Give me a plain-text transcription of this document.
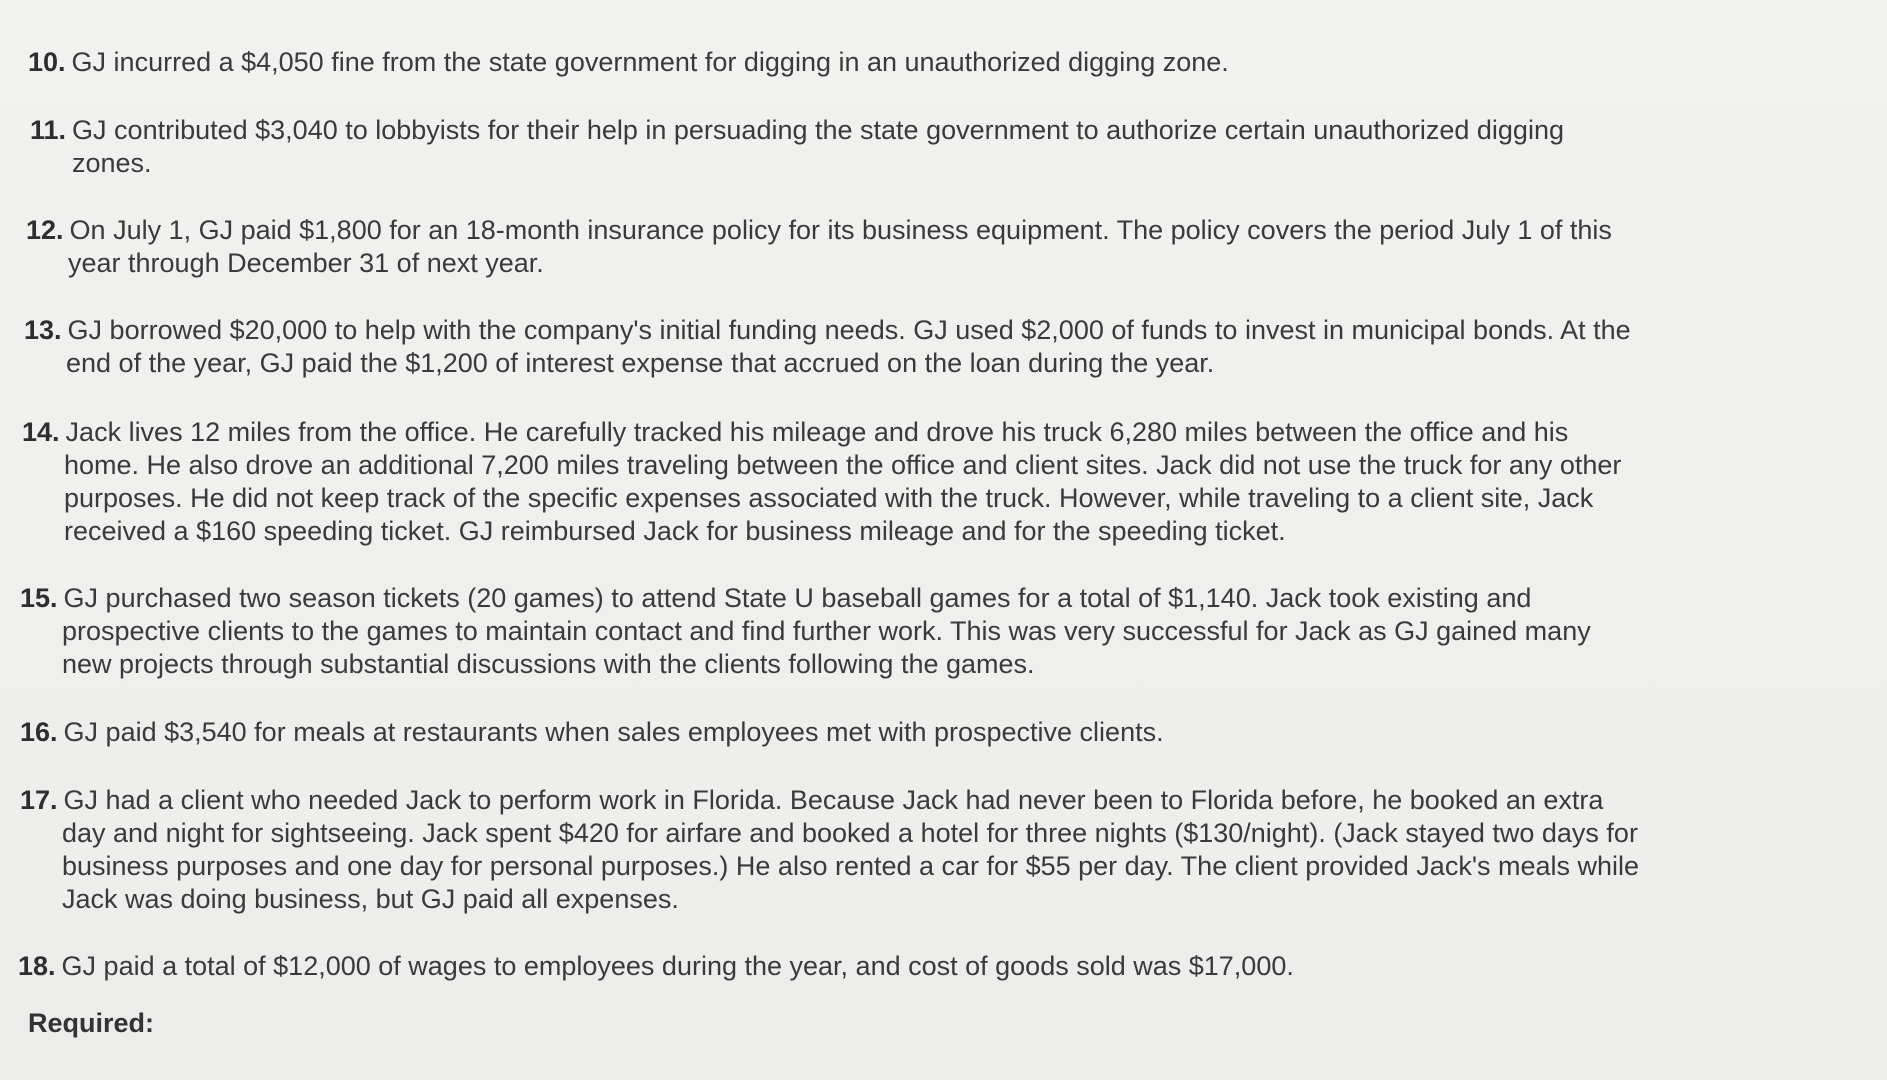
10. GJ incurred a $4,050 fine from the state government for digging in an unauthorized digging zone.
11. GJ contributed $3,040 to lobbyists for their help in persuading the state government to authorize certain unauthorized digging
zones.
12. On July 1, GJ paid $1,800 for an 18-month insurance policy for its business equipment. The policy covers the period July 1 of this
year through December 31 of next year.
13. GJ borrowed $20,000 to help with the company's initial funding needs. GJ used $2,000 of funds to invest in municipal bonds. At the
end of the year, GJ paid the $1,200 of interest expense that accrued on the loan during the year.
14. Jack lives 12 miles from the office. He carefully tracked his mileage and drove his truck 6,280 miles between the office and his
home. He also drove an additional 7,200 miles traveling between the office and client sites. Jack did not use the truck for any other
purposes. He did not keep track of the specific expenses associated with the truck. However, while traveling to a client site, Jack
received a $160 speeding ticket. GJ reimbursed Jack for business mileage and for the speeding ticket.
15. GJ purchased two season tickets (20 games) to attend State U baseball games for a total of $1,140. Jack took existing and
prospective clients to the games to maintain contact and find further work. This was very successful for Jack as GJ gained many
new projects through substantial discussions with the clients following the games.
16. GJ paid $3,540 for meals at restaurants when sales employees met with prospective clients.
17. GJ had a client who needed Jack to perform work in Florida. Because Jack had never been to Florida before, he booked an extra
day and night for sightseeing. Jack spent $420 for airfare and booked a hotel for three nights ($130/night). (Jack stayed two days for
business purposes and one day for personal purposes.) He also rented a car for $55 per day. The client provided Jack's meals while
Jack was doing business, but GJ paid all expenses.
18. GJ paid a total of $12,000 of wages to employees during the year, and cost of goods sold was $17,000.
Required:
